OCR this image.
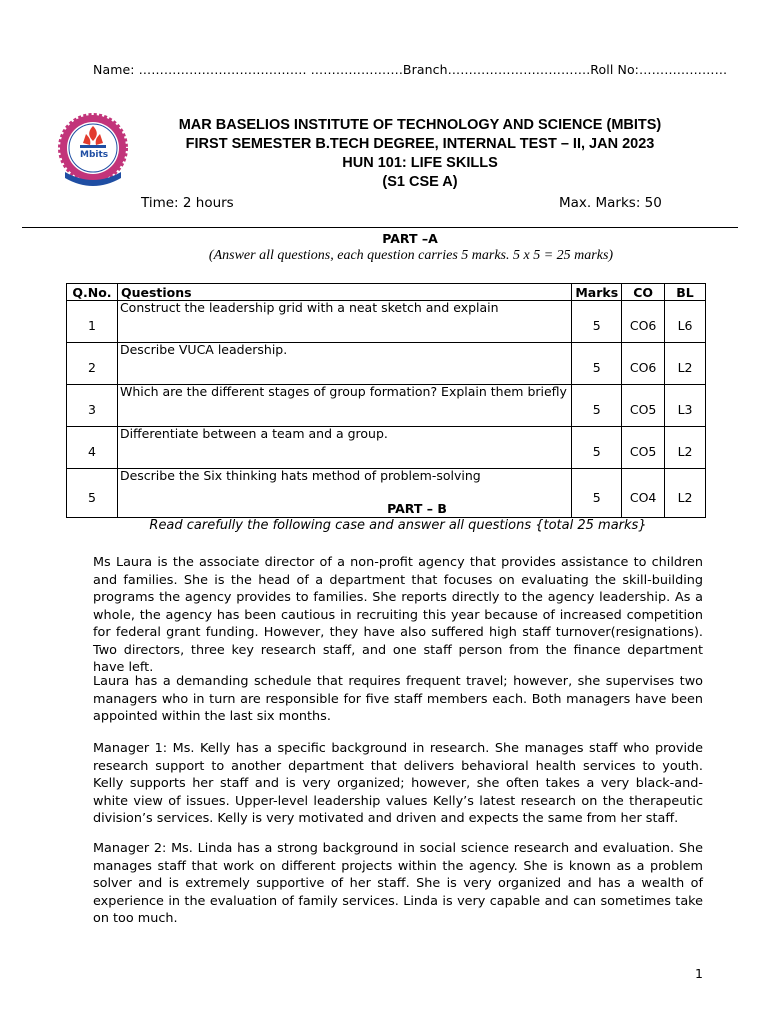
Name: …………………………………. ………………….Branch…………………………….Roll No:…………………
Mbits
MAR BASELIOS INSTITUTE OF TECHNOLOGY AND SCIENCE (MBITS)
FIRST SEMESTER B.TECH DEGREE, INTERNAL TEST – II, JAN 2023
HUN 101: LIFE SKILLS
(S1 CSE A)
Time: 2 hours	Max. Marks: 50
PART –A
(Answer all questions, each question carries 5 marks. 5 x 5 = 25 marks)
Q.No.	Questions	Marks	CO	BL
1	Construct the leadership grid with a neat sketch and explain	5	CO6	L6
2	Describe VUCA leadership.	5	CO6	L2
3	Which are the different stages of group formation? Explain them briefly	5	CO5	L3
4	Differentiate between a team and a group.	5	CO5	L2
5	Describe the Six thinking hats method of problem-solving	5	CO4	L2
PART – B
Read carefully the following case and answer all questions {total 25 marks}
Ms Laura is the associate director of a non-profit agency that provides assistance to children and families. She is the head of a department that focuses on evaluating the skill-building programs the agency provides to families. She reports directly to the agency leadership. As a whole, the agency has been cautious in recruiting this year because of increased competition for federal grant funding. However, they have also suffered high staff turnover(resignations). Two directors, three key research staff, and one staff person from the finance department have left.
Laura has a demanding schedule that requires frequent travel; however, she supervises two managers who in turn are responsible for five staff members each. Both managers have been appointed within the last six months.
Manager 1: Ms. Kelly has a specific background in research. She manages staff who provide research support to another department that delivers behavioral health services to youth. Kelly supports her staff and is very organized; however, she often takes a very black-and-white view of issues. Upper-level leadership values Kelly’s latest research on the therapeutic division’s services. Kelly is very motivated and driven and expects the same from her staff.
Manager 2: Ms. Linda has a strong background in social science research and evaluation. She manages staff that work on different projects within the agency. She is known as a problem solver and is extremely supportive of her staff. She is very organized and has a wealth of experience in the evaluation of family services. Linda is very capable and can sometimes take on too much.
1
